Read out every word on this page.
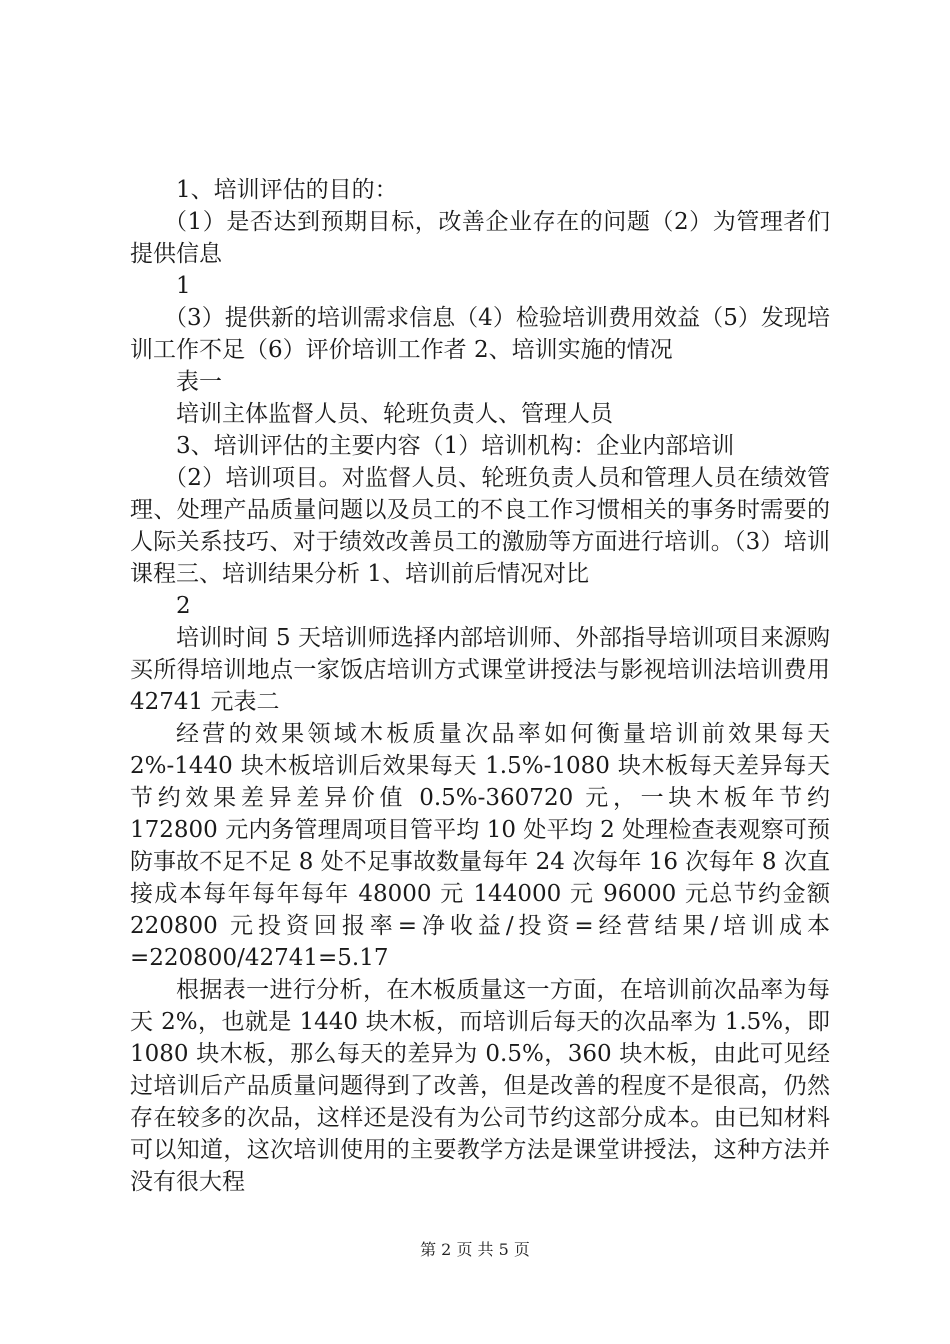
1、培训评估的目的：

（1）是否达到预期目标，改善企业存在的问题（2）为管理者们提供信息

1

（3）提供新的培训需求信息（4）检验培训费用效益（5）发现培训工作不足（6）评价培训工作者 2、培训实施的情况

表一

培训主体监督人员、轮班负责人、管理人员

3、培训评估的主要内容（1）培训机构：企业内部培训

（2）培训项目。对监督人员、轮班负责人员和管理人员在绩效管理、处理产品质量问题以及员工的不良工作习惯相关的事务时需要的人际关系技巧、对于绩效改善员工的激励等方面进行培训。（3）培训课程三、培训结果分析 1、培训前后情况对比

2

培训时间 5 天培训师选择内部培训师、外部指导培训项目来源购买所得培训地点一家饭店培训方式课堂讲授法与影视培训法培训费用 42741 元表二

经营的效果领域木板质量次品率如何衡量培训前效果每天 2%-1440 块木板培训后效果每天 1.5%-1080 块木板每天差异每天节约效果差异差异价值 0.5%-360720 元，一块木板年节约 172800 元内务管理周项目管平均 10 处平均 2 处理检查表观察可预防事故不足不足 8 处不足事故数量每年 24 次每年 16 次每年 8 次直接成本每年每年每年 48000 元 144000 元 96000 元总节约金额 220800 元投资回报率=净收益/投资=经营结果/培训成本=220800/42741=5.17

根据表一进行分析，在木板质量这一方面，在培训前次品率为每天 2%，也就是 1440 块木板，而培训后每天的次品率为 1.5%，即 1080 块木板，那么每天的差异为 0.5%，360 块木板，由此可见经过培训后产品质量问题得到了改善，但是改善的程度不是很高，仍然存在较多的次品，这样还是没有为公司节约这部分成本。由已知材料可以知道，这次培训使用的主要教学方法是课堂讲授法，这种方法并没有很大程

第 2 页 共 5 页
